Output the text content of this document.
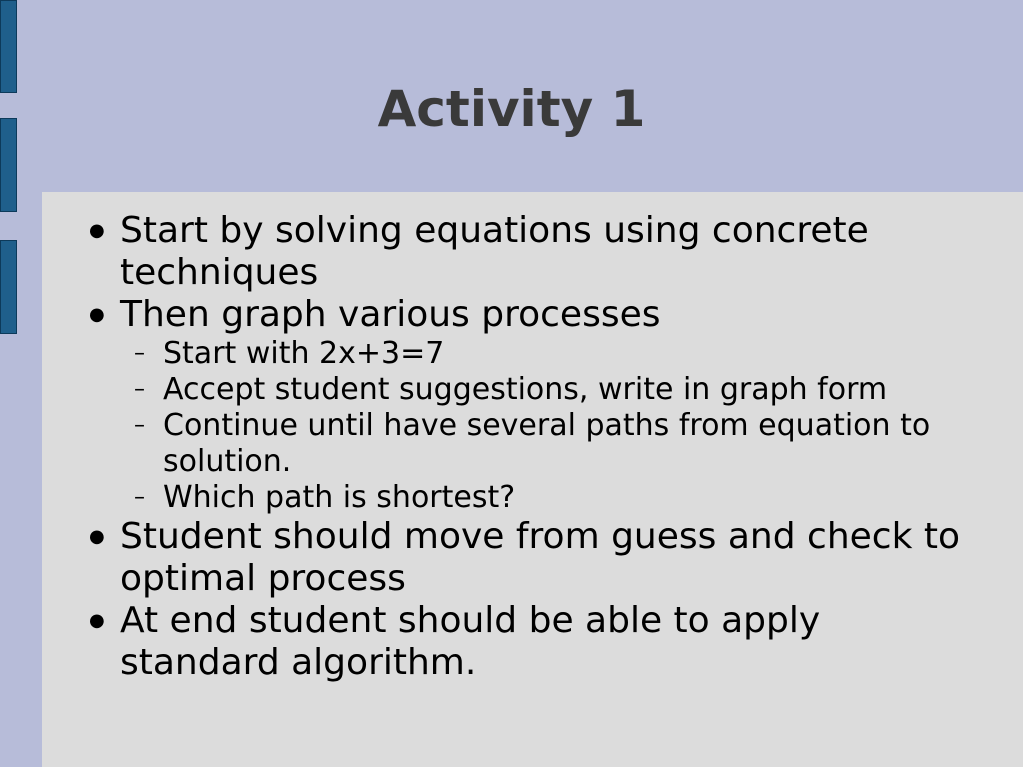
Activity 1
● Start by solving equations using concrete techniques
● Then graph various processes
– Start with 2x+3=7
– Accept student suggestions, write in graph form
– Continue until have several paths from equation to solution.
– Which path is shortest?
● Student should move from guess and check to optimal process
● At end student should be able to apply standard algorithm.
